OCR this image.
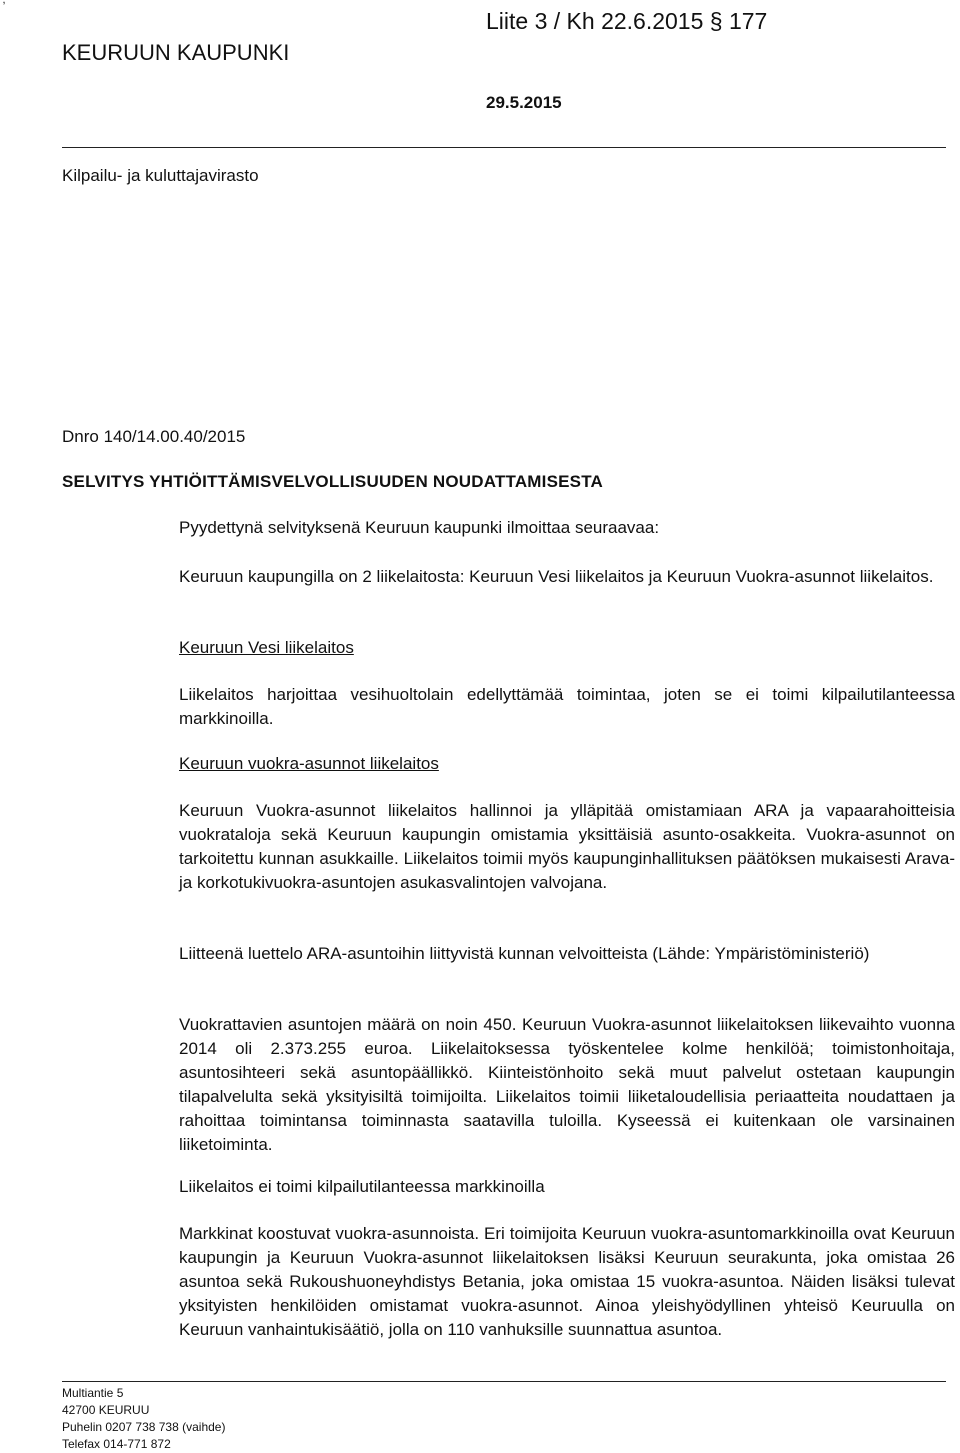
KEURUUN KAUPUNKI
Liite 3 / Kh 22.6.2015 § 177
29.5.2015
Kilpailu- ja kuluttajavirasto
Dnro 140/14.00.40/2015
SELVITYS YHTIÖITTÄMISVELVOLLISUUDEN NOUDATTAMISESTA

Pyydettynä selvityksenä Keuruun kaupunki ilmoittaa seuraavaa:

Keuruun kaupungilla on 2 liikelaitosta: Keuruun Vesi liikelaitos ja Keuruun Vuokra-asunnot liikelaitos.

Keuruun Vesi liikelaitos

Liikelaitos harjoittaa vesihuoltolain edellyttämää toimintaa, joten se ei toimi kilpailutilanteessa markkinoilla.

Keuruun vuokra-asunnot liikelaitos

Keuruun Vuokra-asunnot liikelaitos hallinnoi ja ylläpitää omistamiaan ARA ja vapaarahoitteisia vuokrataloja sekä Keuruun kaupungin omistamia yksittäisiä asunto-osakkeita. Vuokra-asunnot on tarkoitettu kunnan asukkaille. Liikelaitos toimii myös kaupunginhallituksen päätöksen mukaisesti Arava- ja korkotukivuokra-asuntojen asukasvalintojen valvojana.

Liitteenä luettelo ARA-asuntoihin liittyvistä kunnan velvoitteista (Lähde: Ympäristöministeriö)

Vuokrattavien asuntojen määrä on noin 450. Keuruun Vuokra-asunnot liikelaitoksen liikevaihto vuonna 2014 oli 2.373.255 euroa. Liikelaitoksessa työskentelee kolme henkilöä; toimistonhoitaja, asuntosihteeri sekä asuntopäällikkö. Kiinteistönhoito sekä muut palvelut ostetaan kaupungin tilapalvelulta sekä yksityisiltä toimijoilta. Liikelaitos toimii liiketaloudellisia periaatteita noudattaen ja rahoittaa toimintansa toiminnasta saatavilla tuloilla. Kyseessä ei kuitenkaan ole varsinainen liiketoiminta.

Liikelaitos ei toimi kilpailutilanteessa markkinoilla

Markkinat koostuvat vuokra-asunnoista. Eri toimijoita Keuruun vuokra-asuntomarkkinoilla ovat Keuruun kaupungin ja Keuruun Vuokra-asunnot liikelaitoksen lisäksi Keuruun seurakunta, joka omistaa 26 asuntoa sekä Rukoushuoneyhdistys Betania, joka omistaa 15 vuokra-asuntoa. Näiden lisäksi tulevat yksityisten henkilöiden omistamat vuokra-asunnot. Ainoa yleishyödyllinen yhteisö Keuruulla on Keuruun vanhaintukisäätiö, jolla on 110 vanhuksille suunnattua asuntoa.

Multiantie 5
42700 KEURUU
Puhelin 0207 738 738 (vaihde)
Telefax 014-771 872
